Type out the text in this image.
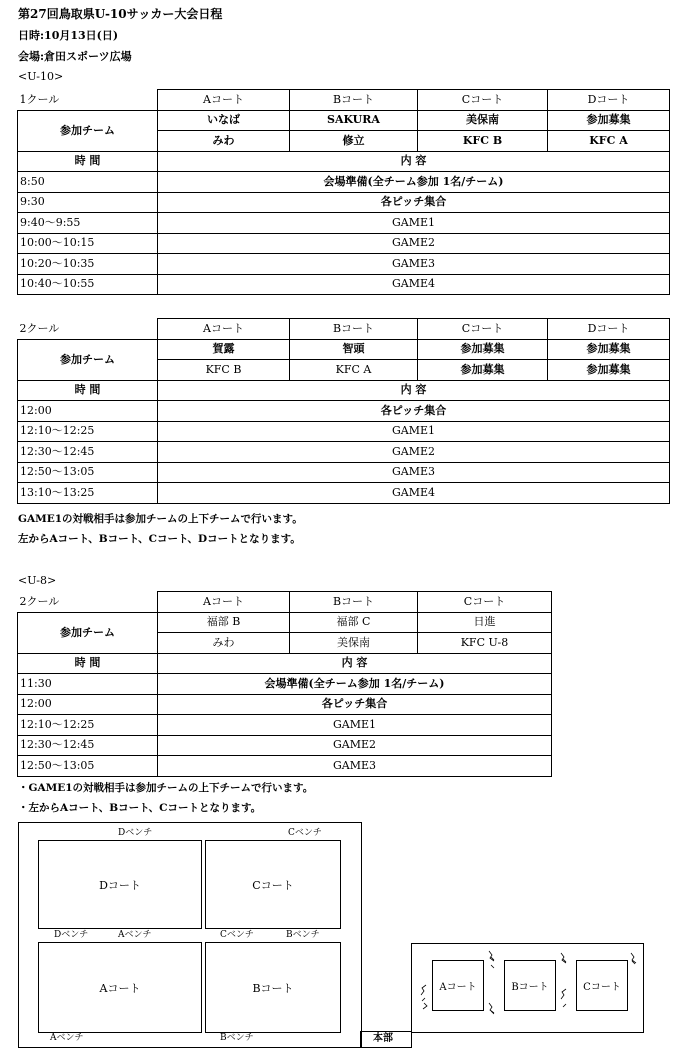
第27回鳥取県U-10サッカー大会日程
日時:10月13日(日)
会場:倉田スポーツ広場
<U-10>
1クール	Aコート	Bコート	Cコート	Dコート
参加チーム	いなば	SAKURA	美保南	参加募集
	みわ	修立	KFC B	KFC A
時 間	内 容			
8:50	会場準備(全チーム参加 1名/チーム)			
9:30	各ピッチ集合			
9:40〜9:55	GAME1			
10:00〜10:15	GAME2			
10:20〜10:35	GAME3			
10:40〜10:55	GAME4			
2クール	Aコート	Bコート	Cコート	Dコート
参加チーム	賀露	智頭	参加募集	参加募集
	KFC B	KFC A	参加募集	参加募集
時 間	内 容			
12:00	各ピッチ集合			
12:10〜12:25	GAME1			
12:30〜12:45	GAME2			
12:50〜13:05	GAME3			
13:10〜13:25	GAME4			
GAME1の対戦相手は参加チームの上下チームで行います。
左からAコート、Bコート、Cコート、Dコートとなります。
<U-8>
2クール	Aコート	Bコート	Cコート
参加チーム	福部 B	福部 C	日進
	みわ	美保南	KFC U-8
時 間	内 容		
11:30	会場準備(全チーム参加 1名/チーム)		
12:00	各ピッチ集合		
12:10〜12:25	GAME1		
12:30〜12:45	GAME2		
12:50〜13:05	GAME3		
・GAME1の対戦相手は参加チームの上下チームで行います。
・左からAコート、Bコート、Cコートとなります。
Dベンチ	Cベンチ
Dコート	Cコート
Dベンチ	Aベンチ	Cベンチ	Bベンチ
Aコート	Bコート
Aベンチ	Bベンチ	本部
Aコート	Bコート	Cコート
